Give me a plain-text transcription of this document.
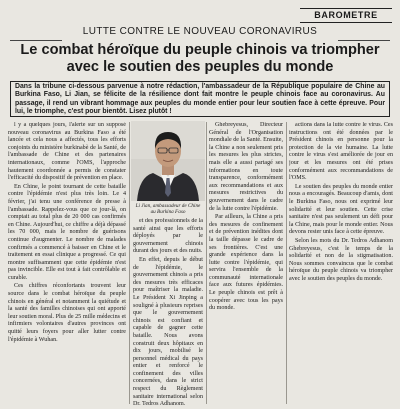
BAROMETRE
LUTTE CONTRE LE NOUVEAU CORONAVIRUS
Le combat héroïque du peuple chinois va triompher
avec le soutien des peuples du monde
Dans la tribune ci-dessous parvenue à notre rédaction, l'ambassadeur de la République populaire de Chine au Burkina Faso, Li Jian, se félicite de la résilience dont fait montre le peuple chinois face au coronavirus. Au passage, il rend un vibrant hommage aux peuples du monde entier pour leur soutien face à cette épreuve. Pour lui, le triomphe, c'est pour bientôt. Lisez plutôt !

l y a quelques jours, l'alerte sur un supposé nouveau coronavirus au Burkina Faso a été lancée et cela nous a affectés, tous les efforts conjoints du ministère burkinabè de la Santé, de l'ambassade de Chine et des partenaires internationaux, comme l'OMS, l'approche hautement coordonnée a permis de constater l'efficacité du dispositif de prévention en place.

En Chine, le point tournant de cette bataille contre l'épidémie n'est plus très loin. Le 4 février, j'ai tenu une conférence de presse à l'ambassade. Rappelez-vous que ce jour-là, on comptait au total plus de 20 000 cas confirmés en Chine. Aujourd'hui, ce chiffre a déjà dépassé les 70 000, mais le nombre de guérisons continue d'augmenter. Le nombre de malades confirmés a commencé à baisser en Chine et le traitement en essai clinique a progressé. Ce qui montre suffisamment que cette épidémie n'est pas invincible. Elle est tout à fait contrôlable et curable.

Ces chiffres réconfortants trouvent leur source dans le combat héroïque du peuple chinois en général et notamment la quiétude et la santé des familles chinoises qui ont apporté leur soutien moral. Plus de 25 mille médecins et infirmiers volontaires d'autres provinces ont quitté leurs foyers pour aller lutter contre l'épidémie à Wuhan.

Li Jian, ambassadeur de Chine
au Burkina Faso

et des professionnels de la santé ainsi que les efforts déployés par le gouvernement chinois durant des jours et des nuits.

En effet, depuis le début de l'épidémie, le gouvernement chinois a pris des mesures très efficaces pour maîtriser la maladie. Le Président Xi Jinping a souligné à plusieurs reprises que le gouvernement chinois est confiant et capable de gagner cette bataille. Nous avons construit deux hôpitaux en dix jours, mobilisé le personnel médical du pays entier et renforcé le confinement des villes concernées, dans le strict respect du Règlement sanitaire international selon Dr. Tedros Adhanom.

Ghebreyesus, Directeur Général de l'Organisation mondiale de la Santé. Ensuite, la Chine a non seulement pris les mesures les plus strictes, mais elle a aussi partagé ses informations en toute transparence, conformément aux recommandations et aux mesures restrictives du gouvernement dans le cadre de la lutte contre l'épidémie.

Par ailleurs, la Chine a pris des mesures de confinement et de prévention inédites dont la taille dépasse le cadre de ses frontières. C'est une grande expérience dans la lutte contre l'épidémie, qui servira l'ensemble de la communauté internationale face aux futures épidémies. Le peuple chinois est prêt à coopérer avec tous les pays du monde.

actions dans la lutte contre le virus. Ces instructions ont été données par le Président chinois en personne pour la protection de la vie humaine. La lutte contre le virus s'est améliorée de jour en jour et les mesures ont été prises conformément aux recommandations de l'OMS.

Le soutien des peuples du monde entier nous a encouragés. Beaucoup d'amis, dont le Burkina Faso, nous ont exprimé leur solidarité et leur soutien. Cette crise sanitaire n'est pas seulement un défi pour la Chine, mais pour le monde entier. Nous devons rester unis face à cette épreuve.

Selon les mots du Dr. Tedros Adhanom Ghebreyesus, c'est le temps de la solidarité et non de la stigmatisation. Nous sommes convaincus que le combat héroïque du peuple chinois va triompher avec le soutien des peuples du monde.
